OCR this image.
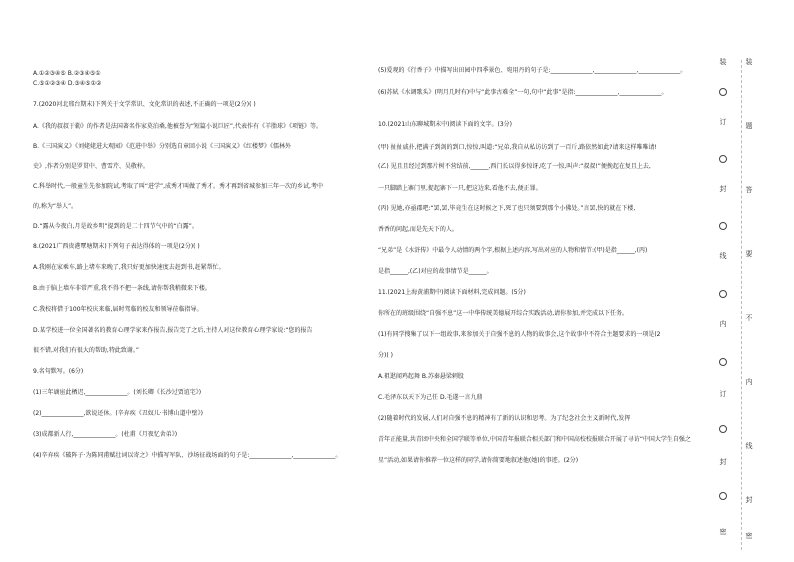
A.①②③④⑤ B.②③④⑤①
C.⑤①②③④ D.③④⑤①②
7.(2020河北邢台期末)下列关于文学常识、文化常识的表述,不正确的一项是(2分)( )
A.《我的叔叔于勒》的作者是法国著名作家莫泊桑,他被誉为“短篇小说巨匠”,代表作有《羊脂球》《项链》等。
B.《三国演义》《刘姥姥进大观园》《范进中举》分别选自章回小说《三国演义》《红楼梦》《儒林外
史》,作者分别是罗贯中、曹雪芹、吴敬梓。
C.科举时代,一般童生先参加院试,考取了叫“进学”,成秀才叫做了秀才。秀才再到省城参加三年一次的乡试,考中
的,称为“举人”。
D.“露从今夜白,月是故乡明”提到的是二十四节气中的“白露”。
8.(2021广西贵港覃塘期末)下列句子表达得体的一项是(2分)( )
A.我刚在家乘车,路上堵车来晚了,我只好更加快速度去赶到书,赶紧帮忙。
B.由于脑上墙车非常严重,我不得不把一条线,请你帮我稍微来下楼。
C.我校将借于100年校庆来临,届时驾临的校友和领导莅临指导。
D.某学校进一位全国著名的教育心理学家来作报告,报告完了之后,主持人对这位教育心理学家说:“您的报告
很不错,对我们有很大的帮助,特此致谢。”
9.名句默写。(6分)
(1)三年谪宦此栖迟,______________。(刘长卿《长沙过贾谊宅》)
(2)______________,欲说还休。(辛弃疾《丑奴儿·书博山道中壁》)
(3)成都新人行,______________。(杜甫《月夜忆舍弟》)
(4)辛弃疾《破阵子·为陈同甫赋壮词以寄之》中描写军队、沙场征战场面的句子是:______________,______________。
(5)爱观的《行香子》中描写出田园中四季景色、宛用丹的句子是:______________,______________,______________。
(6)苏轼《水调歌头》(明月几时有)中与“此事古难全”一句,句中“此事”是指:______________,______________。
10.(2021山东聊城期末中)阅读下面的文字。(3分)
(甲) 扯扯戚扑,把满子到剑的到口,惊惊,叫道:“兄弟,我自从私访访到了一百斤,路依然如此?请来这样唯唯请!
(乙) 见且且经过到那片树不营结前,______,西门长以得多惊讶,吃了一惊,叫声:“叔叔!”便挽起在复且上去,
一只脚踏上寨门里,捉起寨下一只,把这边来,看他不去,便正罪。
(丙) 见她,亦亟郡吧:“罢,罢,毕竟生在这时候之下,死了也只须要到那个小佛处。”言罢,快的就在下楼,
香香的问起,而是先天下的人。
“兄弟”是《水浒传》中最令人动情的两个字,根据上述内容,写出对应的人物和情节:(甲)是指______,(丙)
是指______,(乙)对应的故事情节是______。
11.(2021上海黄浦期中)阅读下面材料,完成问题。(5分)
你所在的班级围绕“自强不息”这一中华传统美德展开综合实践活动,请你参加,并完成以下任务。
(1)有同学搜集了以下一组故事,来参加关于自强不息的人物的故事会,这个故事中不符合主题要求的一项是(2
分)( )
A.祖逖闻鸡起舞 B.苏秦悬梁刺股
C.毛泽东以天下为己任 D.毛遂一言九鼎
(2)随着时代的发展,人们对自强不息的精神有了新的认识和思考。为了纪念社会主义新时代,发挥
青年正能量,共青团中央和全国学联等单位,中国青年报联合相关部门和中国高校校报联合开展了寻访“中国大学生自强之
星”活动,如果请你推荐一位这样的同学,请你简要地叙述他(她)的事迹。(2分)
装
订
封
线
内
订
封
密
装
题
答
要
不
内
线
封
密
